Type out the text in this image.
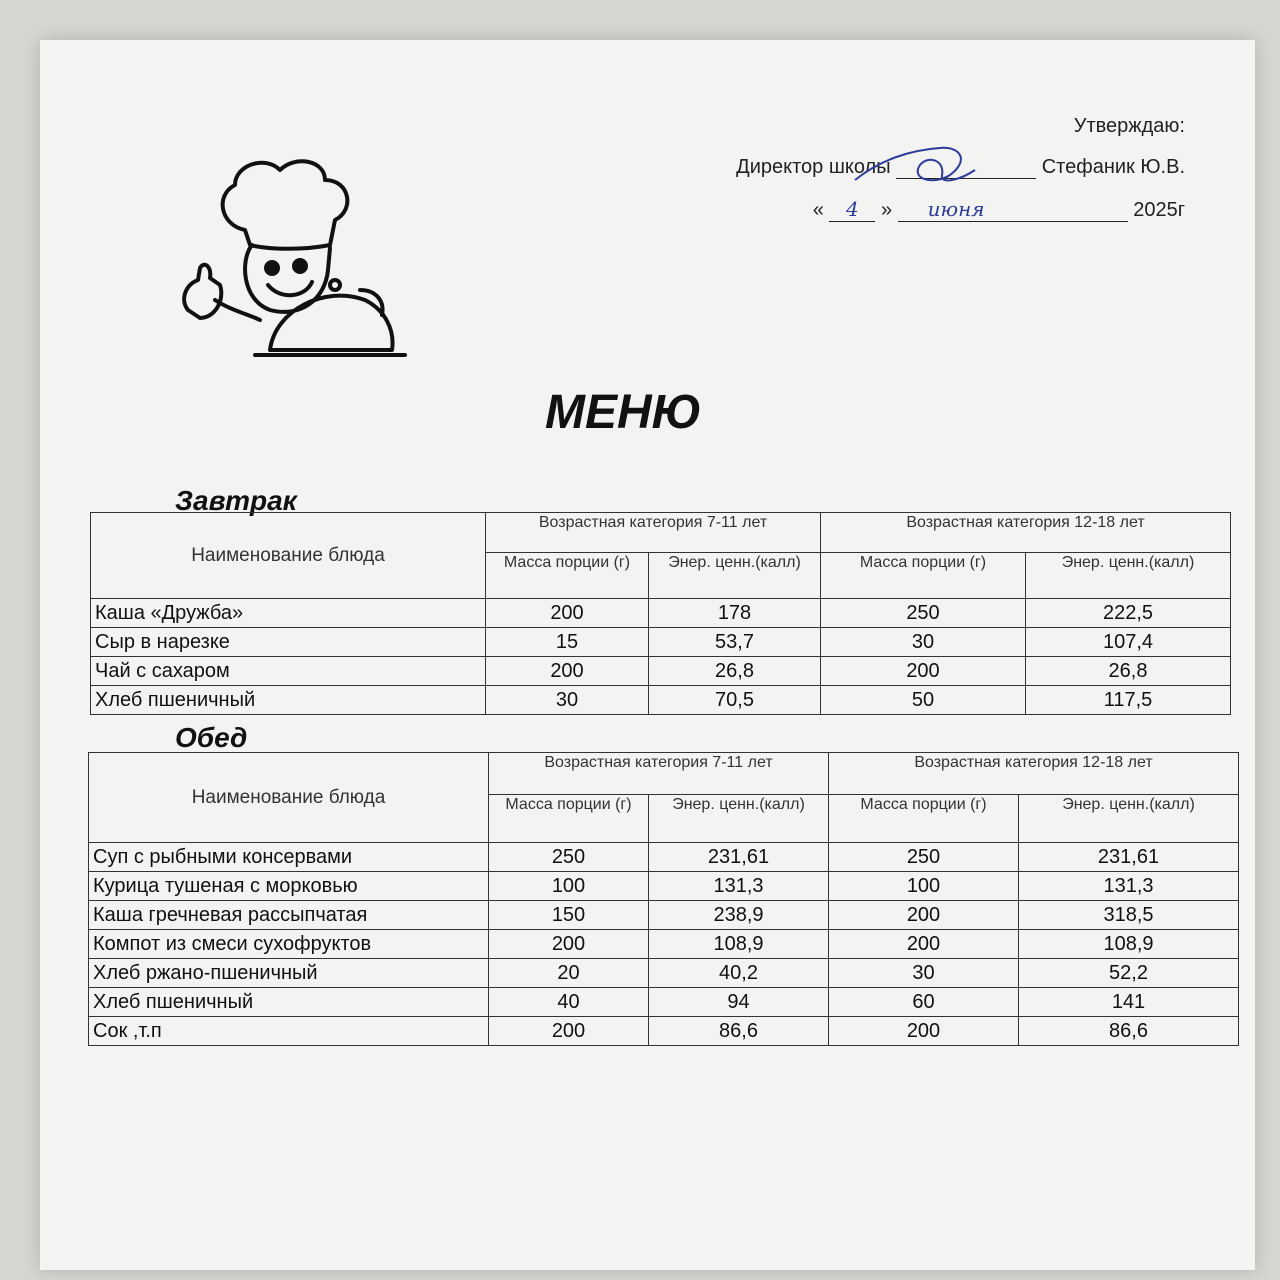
Утверждаю:
Директор школы	Стефаник Ю.В.
« 4 » июня	2025г
МЕНЮ
Завтрак
Наименование блюда	Возрастная категория 7-11 лет		Возрастная категория 12-18 лет	
	Масса порции (г)	Энер. ценн.(калл)	Масса порции (г)	Энер. ценн.(калл)
Каша «Дружба»	200	178	250	222,5
Сыр в нарезке	15	53,7	30	107,4
Чай с сахаром	200	26,8	200	26,8
Хлеб пшеничный	30	70,5	50	117,5
Обед
Наименование блюда	Возрастная категория 7-11 лет		Возрастная категория 12-18 лет	
	Масса порции (г)	Энер. ценн.(калл)	Масса порции (г)	Энер. ценн.(калл)
Суп с рыбными консервами	250	231,61	250	231,61
Курица тушеная с морковью	100	131,3	100	131,3
Каша гречневая рассыпчатая	150	238,9	200	318,5
Компот из смеси сухофруктов	200	108,9	200	108,9
Хлеб ржано-пшеничный	20	40,2	30	52,2
Хлеб пшеничный	40	94	60	141
Сок ,т.п	200	86,6	200	86,6
